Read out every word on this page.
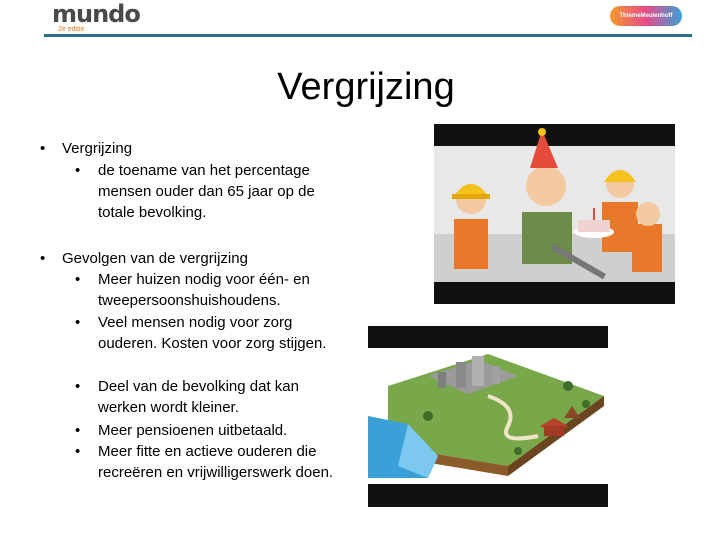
mundo
2e editie
ThiemeMeulenhoff
Vergrijzing
• Vergrijzing
• de toename van het percentage mensen ouder dan 65 jaar op de totale bevolking.
• Gevolgen van de vergrijzing
• Meer huizen nodig voor één- en tweepersoonshuishoudens.
• Veel mensen nodig voor zorg ouderen. Kosten voor zorg stijgen.
• Deel van de bevolking dat kan werken wordt kleiner.
• Meer pensioenen uitbetaald.
• Meer fitte en actieve ouderen die recreëren en vrijwilligerswerk doen.
